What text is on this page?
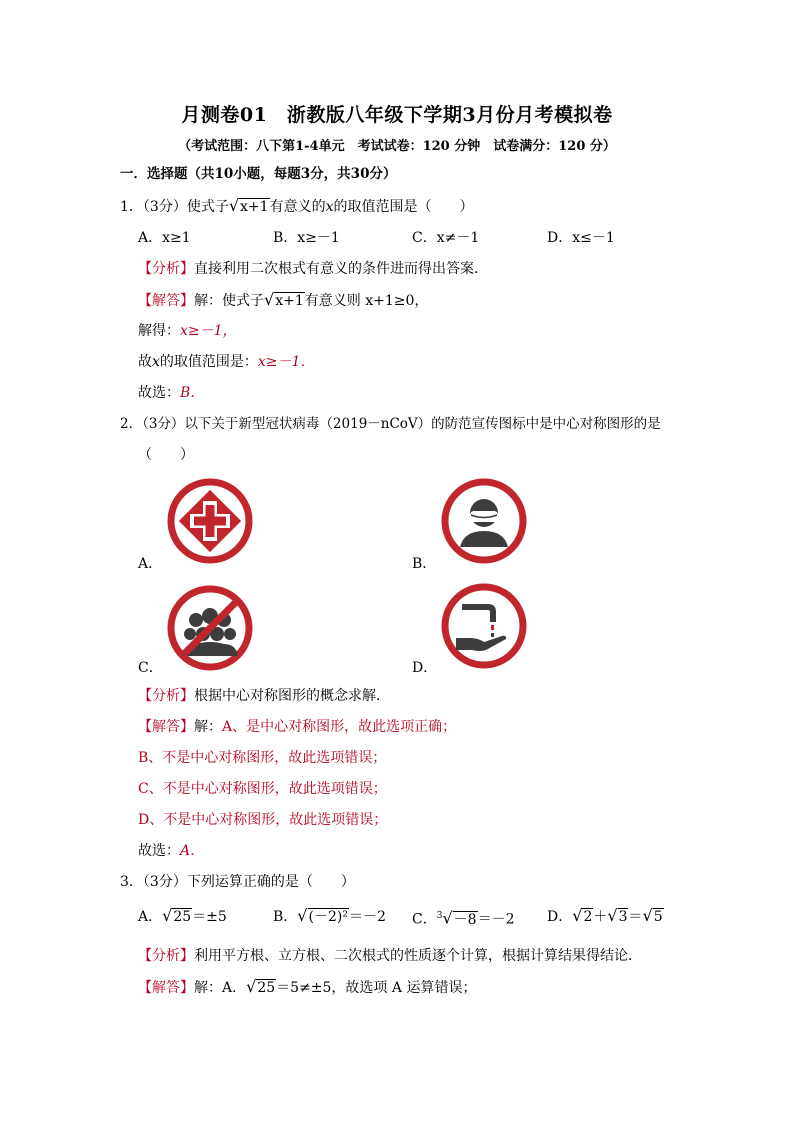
月测卷01　浙教版八年级下学期3月份月考模拟卷
（考试范围：八下第1-4单元　考试试卷：120 分钟　试卷满分：120 分）
一．选择题（共10小题，每题3分，共30分）
1．（3分）使式子√x+1有意义的x的取值范围是（　　）
A．x≥1	B．x≥－1	C．x≠－1	D．x≤－1
【分析】直接利用二次根式有意义的条件进而得出答案．
【解答】解：使式子√x+1有意义则 x+1≥0，
解得：x≥－1，
故x的取值范围是：x≥－1．
故选：B．
2．（3分）以下关于新型冠状病毒（2019－nCoV）的防范宣传图标中是中心对称图形的是
（　　）
A．	B．
C．	D．
【分析】根据中心对称图形的概念求解．
【解答】解：A、是中心对称图形，故此选项正确；
B、不是中心对称图形，故此选项错误；
C、不是中心对称图形，故此选项错误；
D、不是中心对称图形，故此选项错误；
故选：A．
3．（3分）下列运算正确的是（　　）
A．√25＝±5	B．√(－2)²＝－2 C．$^3$√－8＝－2 D．√2＋√3＝√5
【分析】利用平方根、立方根、二次根式的性质逐个计算，根据计算结果得结论．
【解答】解：A．√25＝5≠±5，故选项 A 运算错误；
